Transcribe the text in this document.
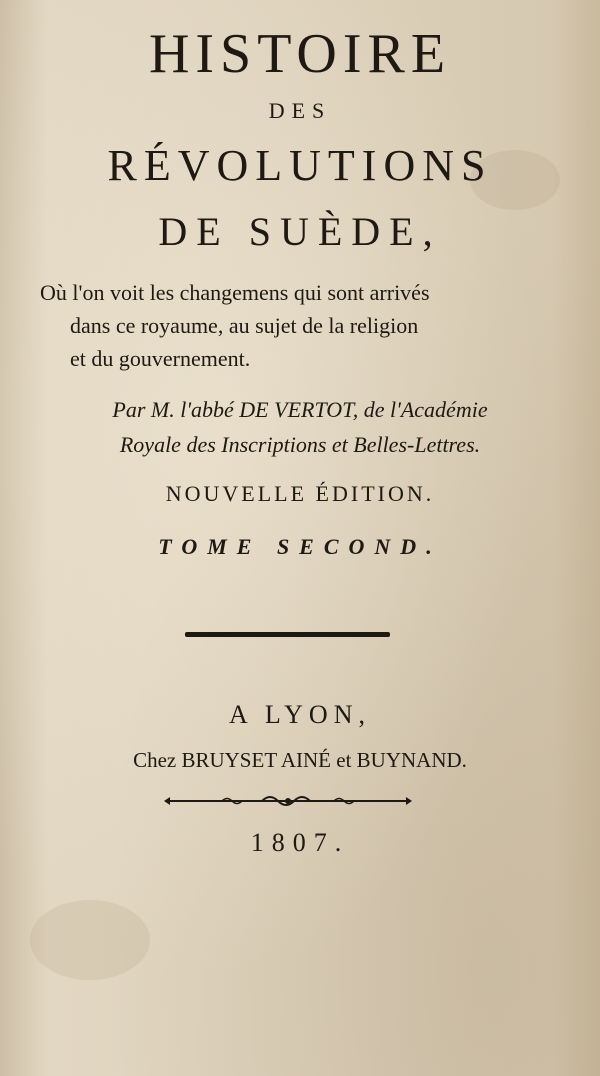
HISTOIRE
DES
RÉVOLUTIONS
DE SUÈDE,
Où l'on voit les changemens qui sont arrivés
dans ce royaume, au sujet de la religion
et du gouvernement.
Par M. l'abbé DE VERTOT, de l'Académie
Royale des Inscriptions et Belles-Lettres.
NOUVELLE ÉDITION.
TOME SECOND.
A LYON,
Chez BRUYSET AINÉ et BUYNAND.
1807.
